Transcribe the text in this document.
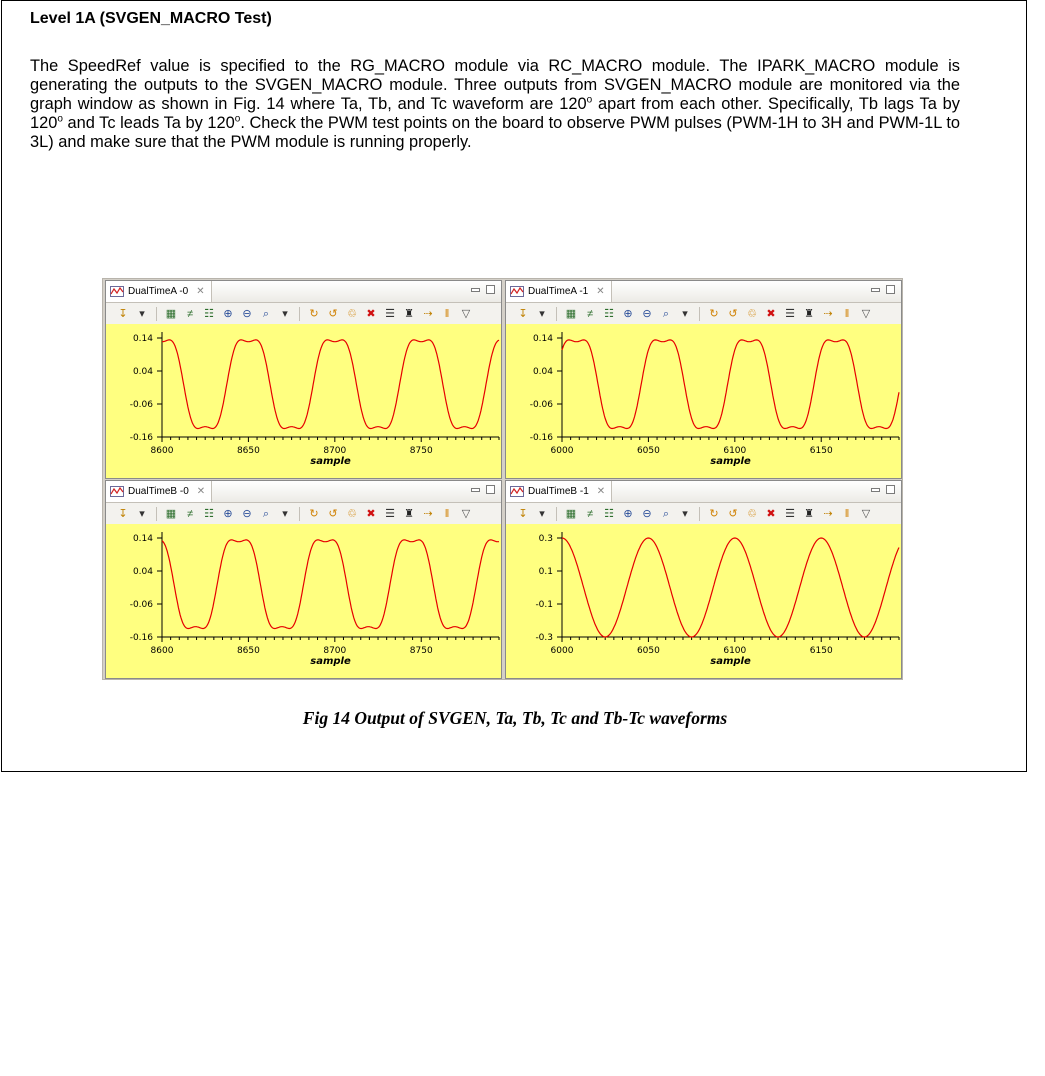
Level 1A (SVGEN_MACRO Test)

The SpeedRef value is specified to the RG_MACRO module via RC_MACRO module. The IPARK_MACRO module is generating the outputs to the SVGEN_MACRO module. Three outputs from SVGEN_MACRO module are monitored via the graph window as shown in Fig. 14 where Ta, Tb, and Tc waveform are 120$^o$ apart from each other. Specifically, Tb lags Ta by 120$^o$ and Tc leads Ta by 120$^o$. Check the PWM test points on the board to observe PWM pulses (PWM-1H to 3H and PWM-1L to 3L) and make sure that the PWM module is running properly.

DualTimeA -0 ✕
↧	▾	▦ ≠	☷ ⊕ ⊖	⌕	▾	↻ ↺ ♲ ✖ ☰ ♜ ⇢	‖	▽
0.14
0.04
-0.06
-0.16
8600	8650	8700	8750
sample
DualTimeA -1 ✕
↧	▾	▦ ≠	☷ ⊕ ⊖	⌕	▾	↻ ↺ ♲ ✖ ☰ ♜ ⇢	‖	▽
0.14
0.04
-0.06
-0.16
6000	6050	6100	6150
sample
DualTimeB -0 ✕
↧	▾	▦ ≠	☷ ⊕ ⊖	⌕	▾	↻ ↺ ♲ ✖ ☰ ♜ ⇢	‖	▽
0.14
0.04
-0.06
-0.16
8600	8650	8700	8750
sample
DualTimeB -1 ✕
↧	▾	▦ ≠	☷ ⊕ ⊖	⌕	▾	↻ ↺ ♲ ✖ ☰ ♜ ⇢	‖	▽
0.3
0.1
-0.1
-0.3
6000	6050	6100	6150
sample
Fig 14 Output of SVGEN, Ta, Tb, Tc and Tb-Tc waveforms
